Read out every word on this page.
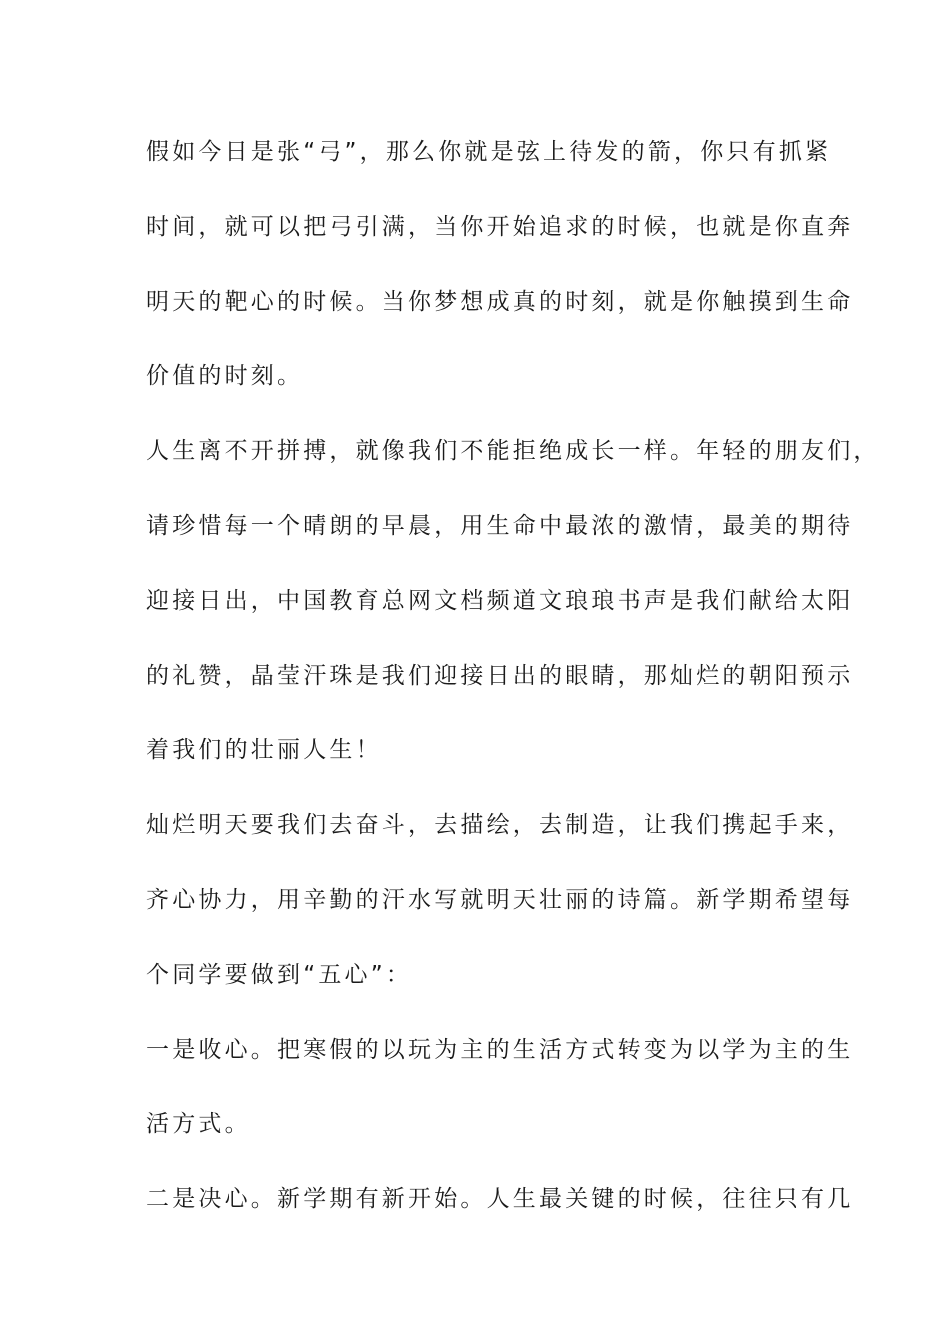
假如今日是张“弓”，那么你就是弦上待发的箭，你只有抓紧
时间，就可以把弓引满，当你开始追求的时候，也就是你直奔
明天的靶心的时候。当你梦想成真的时刻，就是你触摸到生命
价值的时刻。
人生离不开拼搏，就像我们不能拒绝成长一样。年轻的朋友们，
请珍惜每一个晴朗的早晨，用生命中最浓的激情，最美的期待
迎接日出，中国教育总网文档频道文琅琅书声是我们献给太阳
的礼赞，晶莹汗珠是我们迎接日出的眼睛，那灿烂的朝阳预示
着我们的壮丽人生！
灿烂明天要我们去奋斗，去描绘，去制造，让我们携起手来，
齐心协力，用辛勤的汗水写就明天壮丽的诗篇。新学期希望每
个同学要做到“五心”：
一是收心。把寒假的以玩为主的生活方式转变为以学为主的生
活方式。
二是决心。新学期有新开始。人生最关键的时候，往往只有几
